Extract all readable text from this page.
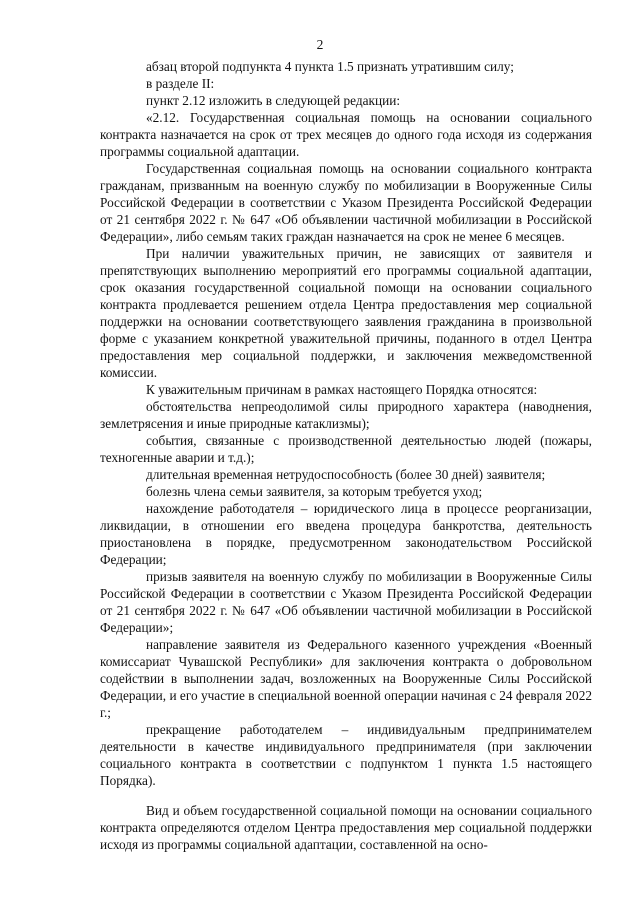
2

абзац второй подпункта 4 пункта 1.5 признать утратившим силу;

в разделе II:

пункт 2.12 изложить в следующей редакции:

«2.12. Государственная социальная помощь на основании социального контракта назначается на срок от трех месяцев до одного года исходя из содержания программы социальной адаптации.

Государственная социальная помощь на основании социального контракта гражданам, призванным на военную службу по мобилизации в Вооруженные Силы Российской Федерации в соответствии с Указом Президента Российской Федерации от 21 сентября 2022 г. № 647 «Об объявлении частичной мобилизации в Российской Федерации», либо семьям таких граждан назначается на срок не менее 6 месяцев.

При наличии уважительных причин, не зависящих от заявителя и препятствующих выполнению мероприятий его программы социальной адаптации, срок оказания государственной социальной помощи на основании социального контракта продлевается решением отдела Центра предоставления мер социальной поддержки на основании соответствующего заявления гражданина в произвольной форме с указанием конкретной уважительной причины, поданного в отдел Центра предоставления мер социальной поддержки, и заключения межведомственной комиссии.

К уважительным причинам в рамках настоящего Порядка относятся:

обстоятельства непреодолимой силы природного характера (наводнения, землетрясения и иные природные катаклизмы);

события, связанные с производственной деятельностью людей (пожары, техногенные аварии и т.д.);

длительная временная нетрудоспособность (более 30 дней) заявителя;

болезнь члена семьи заявителя, за которым требуется уход;

нахождение работодателя – юридического лица в процессе реорганизации, ликвидации, в отношении его введена процедура банкротства, деятельность приостановлена в порядке, предусмотренном законодательством Российской Федерации;

призыв заявителя на военную службу по мобилизации в Вооруженные Силы Российской Федерации в соответствии с Указом Президента Российской Федерации от 21 сентября 2022 г. № 647 «Об объявлении частичной мобилизации в Российской Федерации»;

направление заявителя из Федерального казенного учреждения «Военный комиссариат Чувашской Республики» для заключения контракта о добровольном содействии в выполнении задач, возложенных на Вооруженные Силы Российской Федерации, и его участие в специальной военной операции начиная с 24 февраля 2022 г.;

прекращение работодателем – индивидуальным предпринимателем деятельности в качестве индивидуального предпринимателя (при заключении социального контракта в соответствии с подпунктом 1 пункта 1.5 настоящего Порядка).

Вид и объем государственной социальной помощи на основании социального контракта определяются отделом Центра предоставления мер социальной поддержки исходя из программы социальной адаптации, составленной на осно-
